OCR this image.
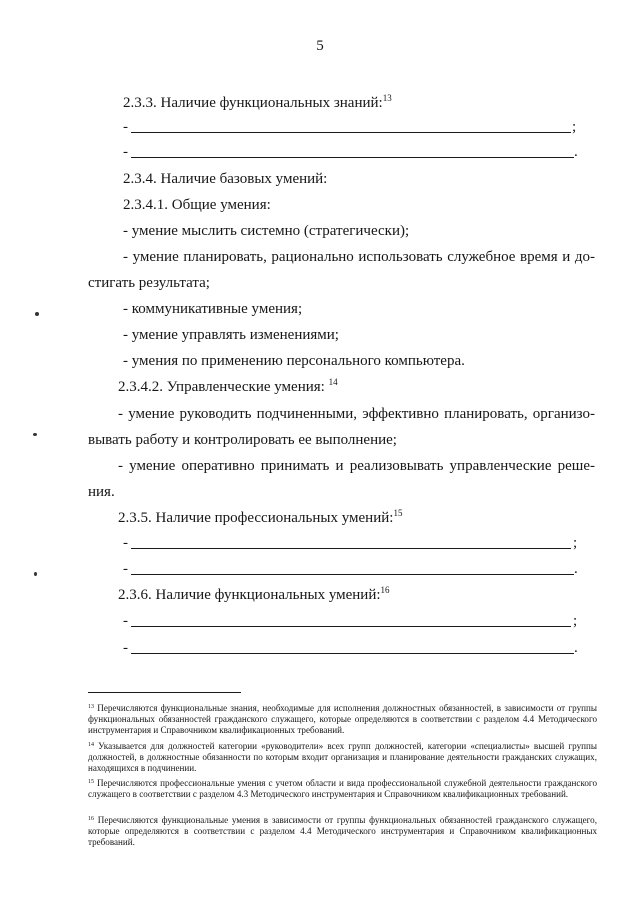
5
2.3.3. Наличие функциональных знаний:$^{13}$
-	;
-	.
2.3.4. Наличие базовых умений:
2.3.4.1. Общие умения:
- умение мыслить системно (стратегически);
- умение планировать, рационально использовать служебное время и до-
стигать результата;
- коммуникативные умения;
- умение управлять изменениями;
- умения по применению персонального компьютера.
2.3.4.2. Управленческие умения: $^{14}$
- умение руководить подчиненными, эффективно планировать, организо-
вывать работу и контролировать ее выполнение;
- умение оперативно принимать и реализовывать управленческие реше-
ния.
2.3.5. Наличие профессиональных умений:$^{15}$
-	;
-	.
2.3.6. Наличие функциональных умений:$^{16}$
-	;
-	.
$^{13}$ Перечисляются функциональные знания, необходимые для исполнения должностных обязанностей, в зависимости от группы функциональных обязанностей гражданского служащего, которые определяются в соответствии с разделом 4.4 Методического инструментария и Справочником квалификационных требований.
$^{14}$ Указывается для должностей категории «руководители» всех групп должностей, категории «специалисты» высшей группы должностей, в должностные обязанности по которым входит организация и планирование деятельности гражданских служащих, находящихся в подчинении.
$^{15}$ Перечисляются профессиональные умения с учетом области и вида профессиональной служебной деятельности гражданского служащего в соответствии с разделом 4.3 Методического инструментария и Справочником квалификационных требований.
$^{16}$ Перечисляются функциональные умения в зависимости от группы функциональных обязанностей гражданского служащего, которые определяются в соответствии с разделом 4.4 Методического инструментария и Справочником квалификационных требований.
